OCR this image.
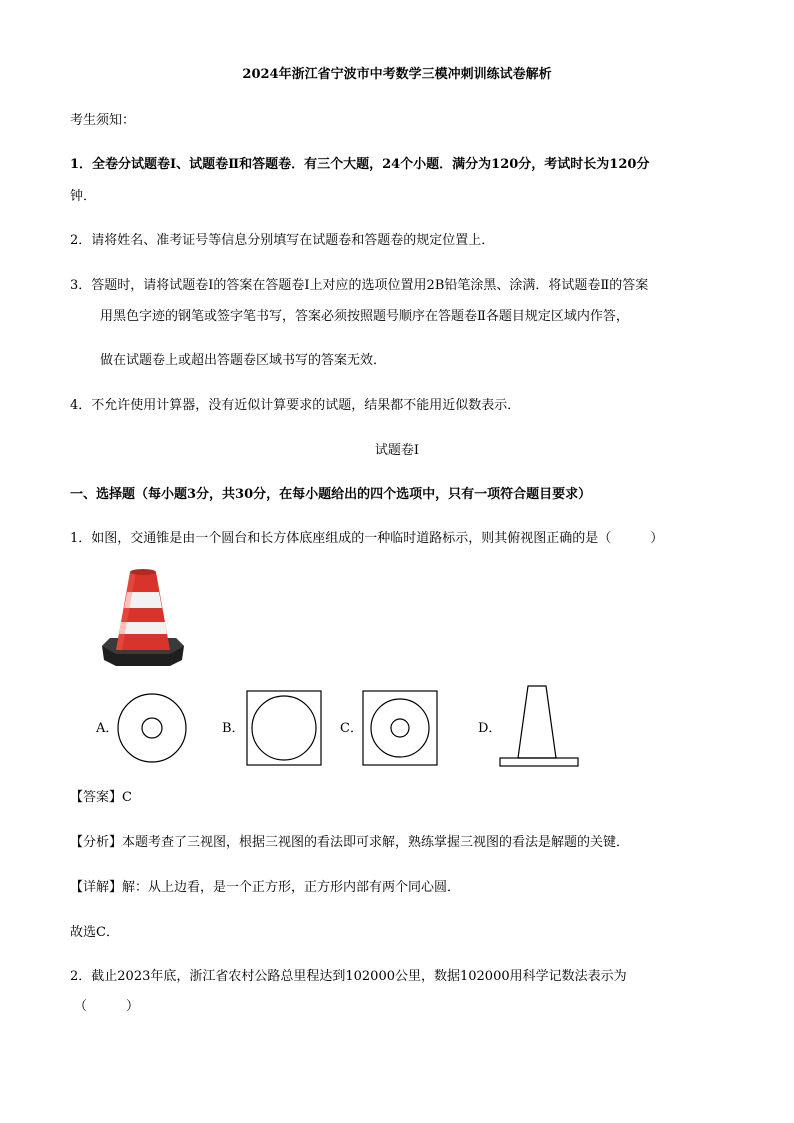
2024年浙江省宁波市中考数学三模冲刺训练试卷解析
考生须知：
1．全卷分试题卷Ⅰ、试题卷Ⅱ和答题卷．有三个大题，24个小题．满分为120分，考试时长为120分
钟．
2．请将姓名、准考证号等信息分别填写在试题卷和答题卷的规定位置上．
3．答题时，请将试题卷Ⅰ的答案在答题卷Ⅰ上对应的选项位置用2B铅笔涂黑、涂满．将试题卷Ⅱ的答案
用黑色字迹的钢笔或签字笔书写，答案必须按照题号顺序在答题卷Ⅱ各题目规定区域内作答，
做在试题卷上或超出答题卷区域书写的答案无效．
4．不允许使用计算器，没有近似计算要求的试题，结果都不能用近似数表示．
试题卷Ⅰ
一、选择题（每小题3分，共30分，在每小题给出的四个选项中，只有一项符合题目要求）
1．如图，交通锥是由一个圆台和长方体底座组成的一种临时道路标示，则其俯视图正确的是（　　　）
A．	B．	C．	D．
【答案】C
【分析】本题考查了三视图，根据三视图的看法即可求解，熟练掌握三视图的看法是解题的关键．
【详解】解：从上边看，是一个正方形，正方形内部有两个同心圆．
故选C．
2．截止2023年底，浙江省农村公路总里程达到102000公里，数据102000用科学记数法表示为
（　　　）
